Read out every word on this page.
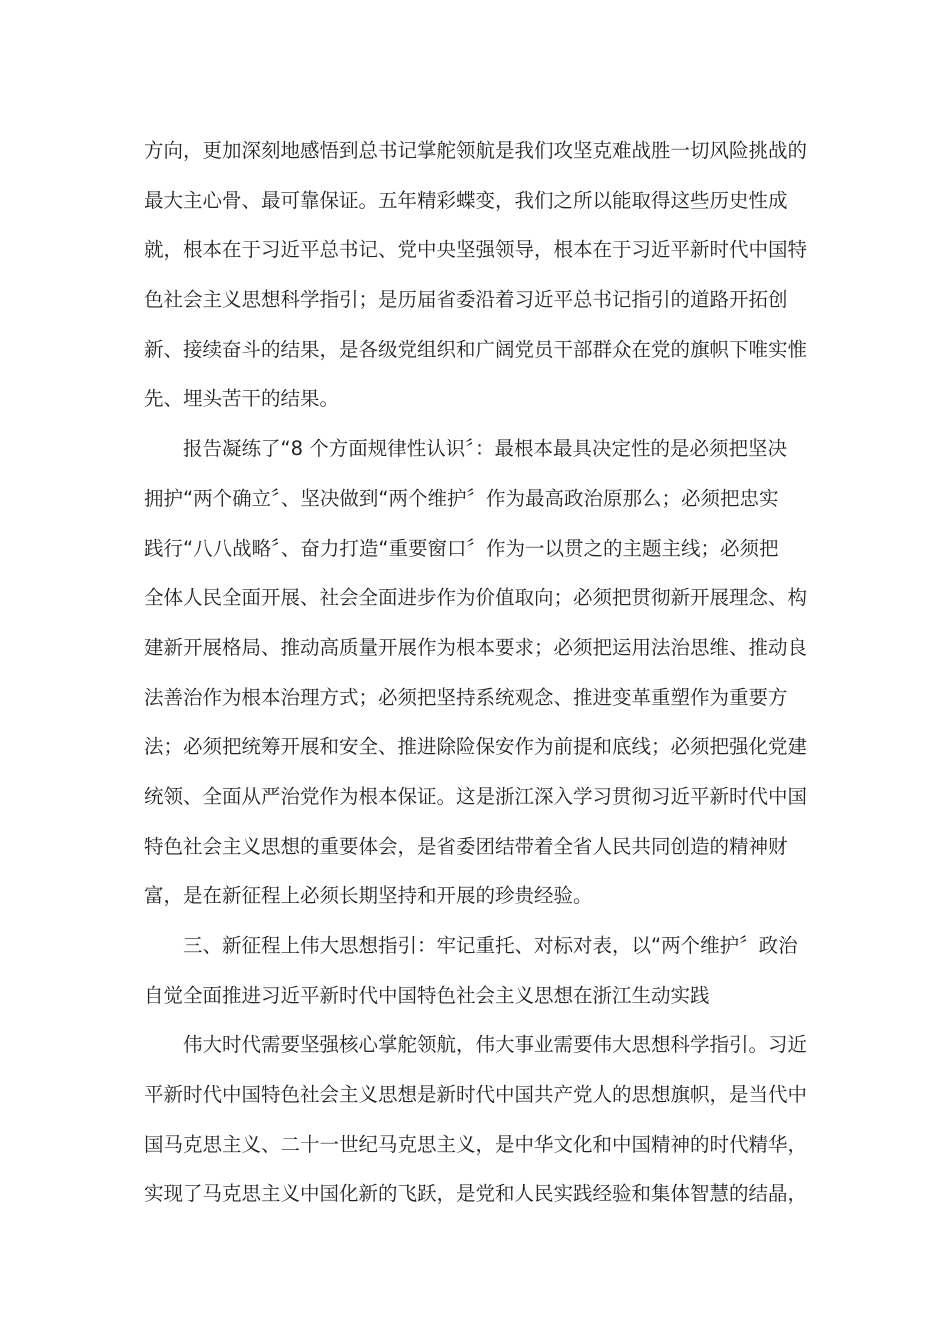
方向，更加深刻地感悟到总书记掌舵领航是我们攻坚克难战胜一切风险挑战的
最大主心骨、最可靠保证。五年精彩蝶变，我们之所以能取得这些历史性成
就，根本在于习近平总书记、党中央坚强领导，根本在于习近平新时代中国特
色社会主义思想科学指引；是历届省委沿着习近平总书记指引的道路开拓创
新、接续奋斗的结果，是各级党组织和广阔党员干部群众在党的旗帜下唯实惟
先、埋头苦干的结果。
报告凝练了“8 个方面规律性认识〞：最根本最具决定性的是必须把坚决
拥护“两个确立〞、坚决做到“两个维护〞作为最高政治原那么；必须把忠实
践行“八八战略〞、奋力打造“重要窗口〞作为一以贯之的主题主线；必须把
全体人民全面开展、社会全面进步作为价值取向；必须把贯彻新开展理念、构
建新开展格局、推动高质量开展作为根本要求；必须把运用法治思维、推动良
法善治作为根本治理方式；必须把坚持系统观念、推进变革重塑作为重要方
法；必须把统筹开展和安全、推进除险保安作为前提和底线；必须把强化党建
统领、全面从严治党作为根本保证。这是浙江深入学习贯彻习近平新时代中国
特色社会主义思想的重要体会，是省委团结带着全省人民共同创造的精神财
富，是在新征程上必须长期坚持和开展的珍贵经验。
三、新征程上伟大思想指引：牢记重托、对标对表，以“两个维护〞政治
自觉全面推进习近平新时代中国特色社会主义思想在浙江生动实践
伟大时代需要坚强核心掌舵领航，伟大事业需要伟大思想科学指引。习近
平新时代中国特色社会主义思想是新时代中国共产党人的思想旗帜，是当代中
国马克思主义、二十一世纪马克思主义，是中华文化和中国精神的时代精华，
实现了马克思主义中国化新的飞跃，是党和人民实践经验和集体智慧的结晶，
